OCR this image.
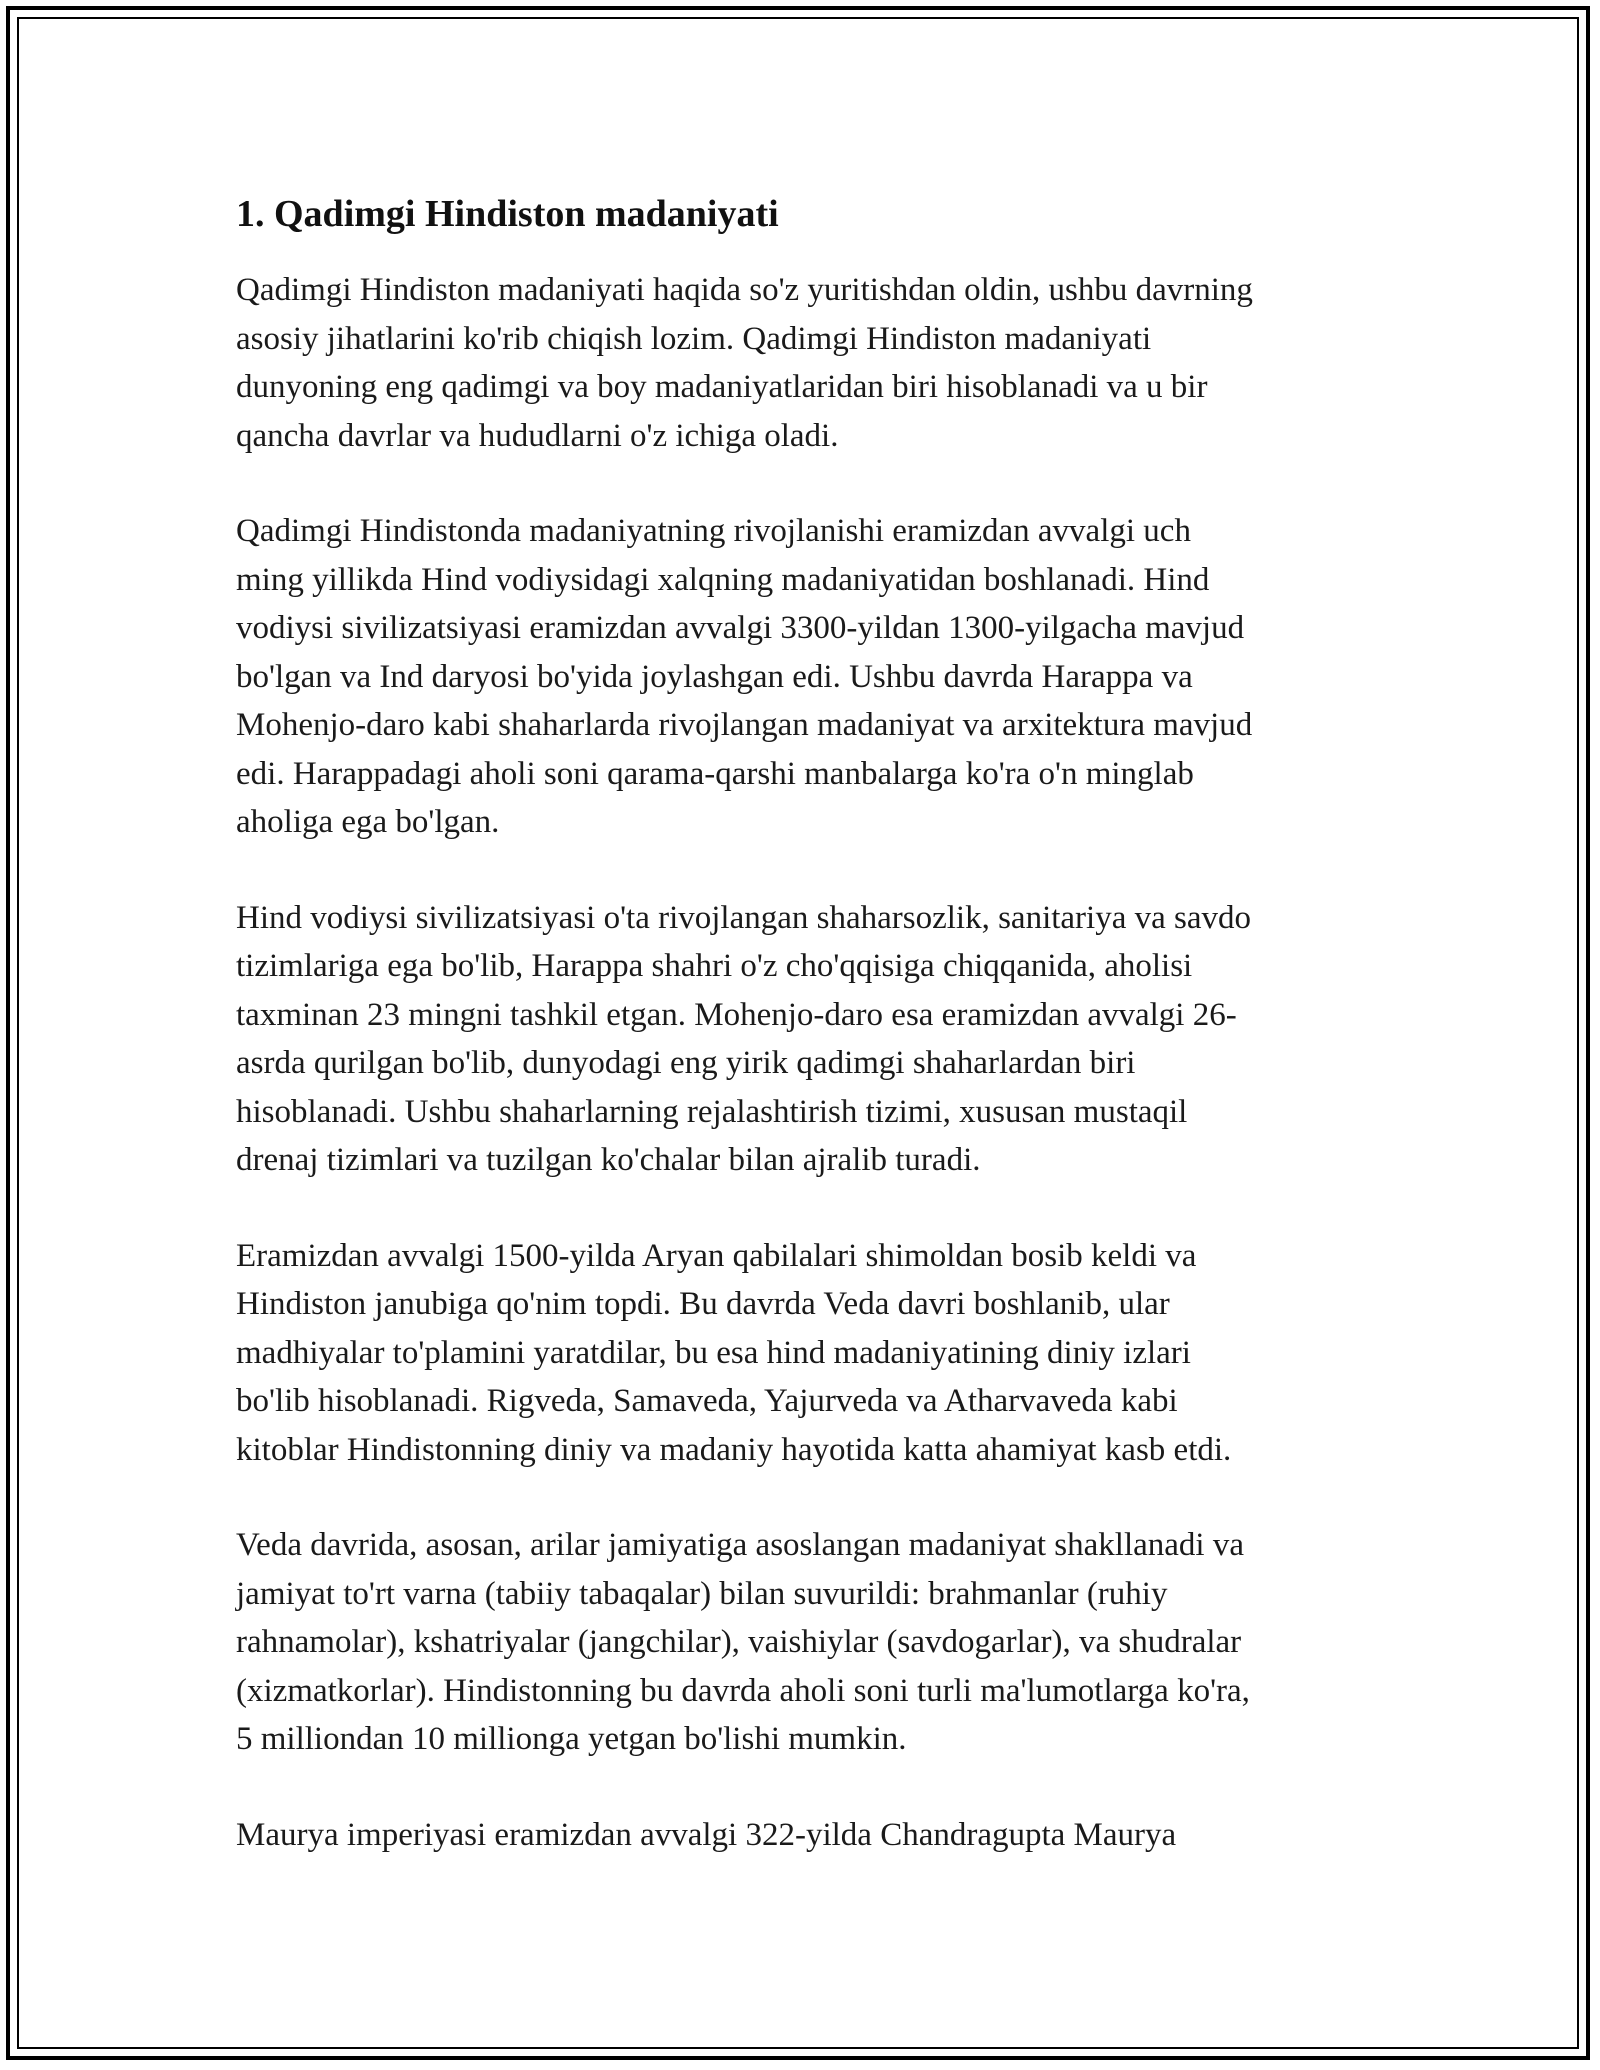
1. Qadimgi Hindiston madaniyati

Qadimgi Hindiston madaniyati haqida so'z yuritishdan oldin, ushbu davrning
asosiy jihatlarini ko'rib chiqish lozim. Qadimgi Hindiston madaniyati
dunyoning eng qadimgi va boy madaniyatlaridan biri hisoblanadi va u bir
qancha davrlar va hududlarni o'z ichiga oladi.

Qadimgi Hindistonda madaniyatning rivojlanishi eramizdan avvalgi uch
ming yillikda Hind vodiysidagi xalqning madaniyatidan boshlanadi. Hind
vodiysi sivilizatsiyasi eramizdan avvalgi 3300-yildan 1300-yilgacha mavjud
bo'lgan va Ind daryosi bo'yida joylashgan edi. Ushbu davrda Harappa va
Mohenjo-daro kabi shaharlarda rivojlangan madaniyat va arxitektura mavjud
edi. Harappadagi aholi soni qarama-qarshi manbalarga ko'ra o'n minglab
aholiga ega bo'lgan.

Hind vodiysi sivilizatsiyasi o'ta rivojlangan shaharsozlik, sanitariya va savdo
tizimlariga ega bo'lib, Harappa shahri o'z cho'qqisiga chiqqanida, aholisi
taxminan 23 mingni tashkil etgan. Mohenjo-daro esa eramizdan avvalgi 26-
asrda qurilgan bo'lib, dunyodagi eng yirik qadimgi shaharlardan biri
hisoblanadi. Ushbu shaharlarning rejalashtirish tizimi, xususan mustaqil
drenaj tizimlari va tuzilgan ko'chalar bilan ajralib turadi.

Eramizdan avvalgi 1500-yilda Aryan qabilalari shimoldan bosib keldi va
Hindiston janubiga qo'nim topdi. Bu davrda Veda davri boshlanib, ular
madhiyalar to'plamini yaratdilar, bu esa hind madaniyatining diniy izlari
bo'lib hisoblanadi. Rigveda, Samaveda, Yajurveda va Atharvaveda kabi
kitoblar Hindistonning diniy va madaniy hayotida katta ahamiyat kasb etdi.

Veda davrida, asosan, arilar jamiyatiga asoslangan madaniyat shakllanadi va
jamiyat to'rt varna (tabiiy tabaqalar) bilan suvurildi: brahmanlar (ruhiy
rahnamolar), kshatriyalar (jangchilar), vaishiylar (savdogarlar), va shudralar
(xizmatkorlar). Hindistonning bu davrda aholi soni turli ma'lumotlarga ko'ra,
5 milliondan 10 millionga yetgan bo'lishi mumkin.

Maurya imperiyasi eramizdan avvalgi 322-yilda Chandragupta Maurya
